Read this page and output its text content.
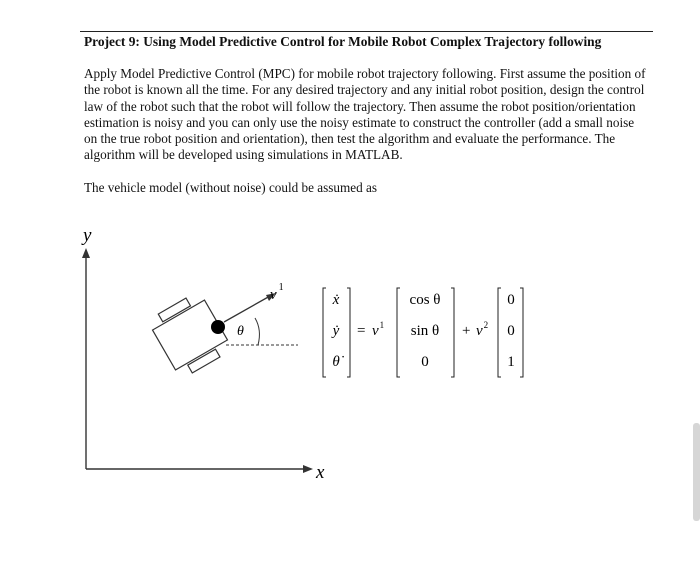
Project 9: Using Model Predictive Control for Mobile Robot Complex Trajectory following

Apply Model Predictive Control (MPC) for mobile robot trajectory following. First assume the position of the robot is known all the time. For any desired trajectory and any initial robot position, design the control law of the robot such that the robot will follow the trajectory. Then assume the robot position/orientation estimation is noisy and you can only use the noisy estimate to construct the controller (add a small noise on the true robot position and orientation), then test the algorithm and evaluate the performance. The algorithm will be developed using simulations in MATLAB.

The vehicle model (without noise) could be assumed as

y
x
θ
v $^1$
ẋ
ẏ
θ̇
= $v^1$
cos θ
sin θ
0
+ $v^2$
0
0
1
